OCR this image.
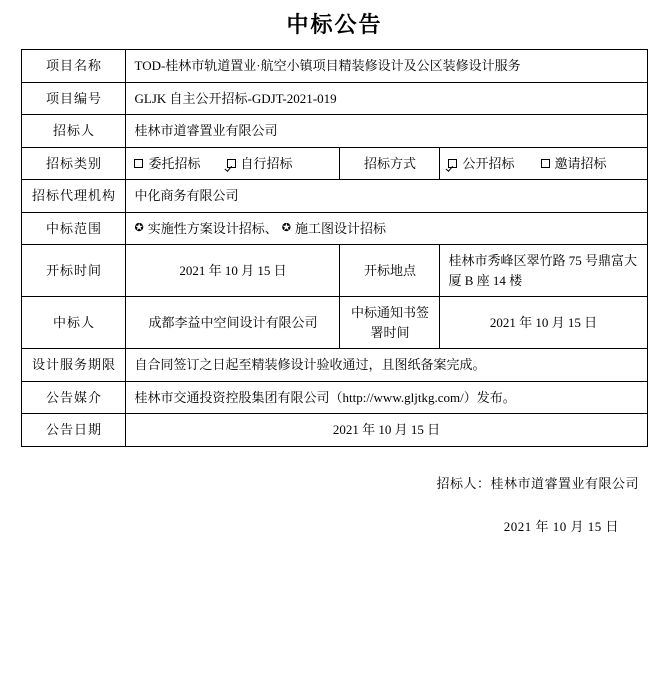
中标公告
项目名称	TOD-桂林市轨道置业·航空小镇项目精装修设计及公区装修设计服务		
项目编号	GLJK 自主公开招标-GDJT-2021-019		
招标人	桂林市道睿置业有限公司		
招标类别	委托招标 自行招标	招标方式	公开招标 邀请招标

招标代理机构	中化商务有限公司		
中标范围	✪ 实施性方案设计招标、 ✪ 施工图设计招标		

开标时间	2021 年 10 月 15 日	开标地点	桂林市秀峰区翠竹路 75 号鼎富大厦 B 座 14 楼
中标人	成都李益中空间设计有限公司	中标通知书签署时间	2021 年 10 月 15 日
设计服务期限	自合同签订之日起至精装修设计验收通过，且图纸备案完成。		
公告媒介	桂林市交通投资控股集团有限公司（http://www.gljtkg.com/）发布。		
公告日期	2021 年 10 月 15 日		
招标人：桂林市道睿置业有限公司
2021 年 10 月 15 日
